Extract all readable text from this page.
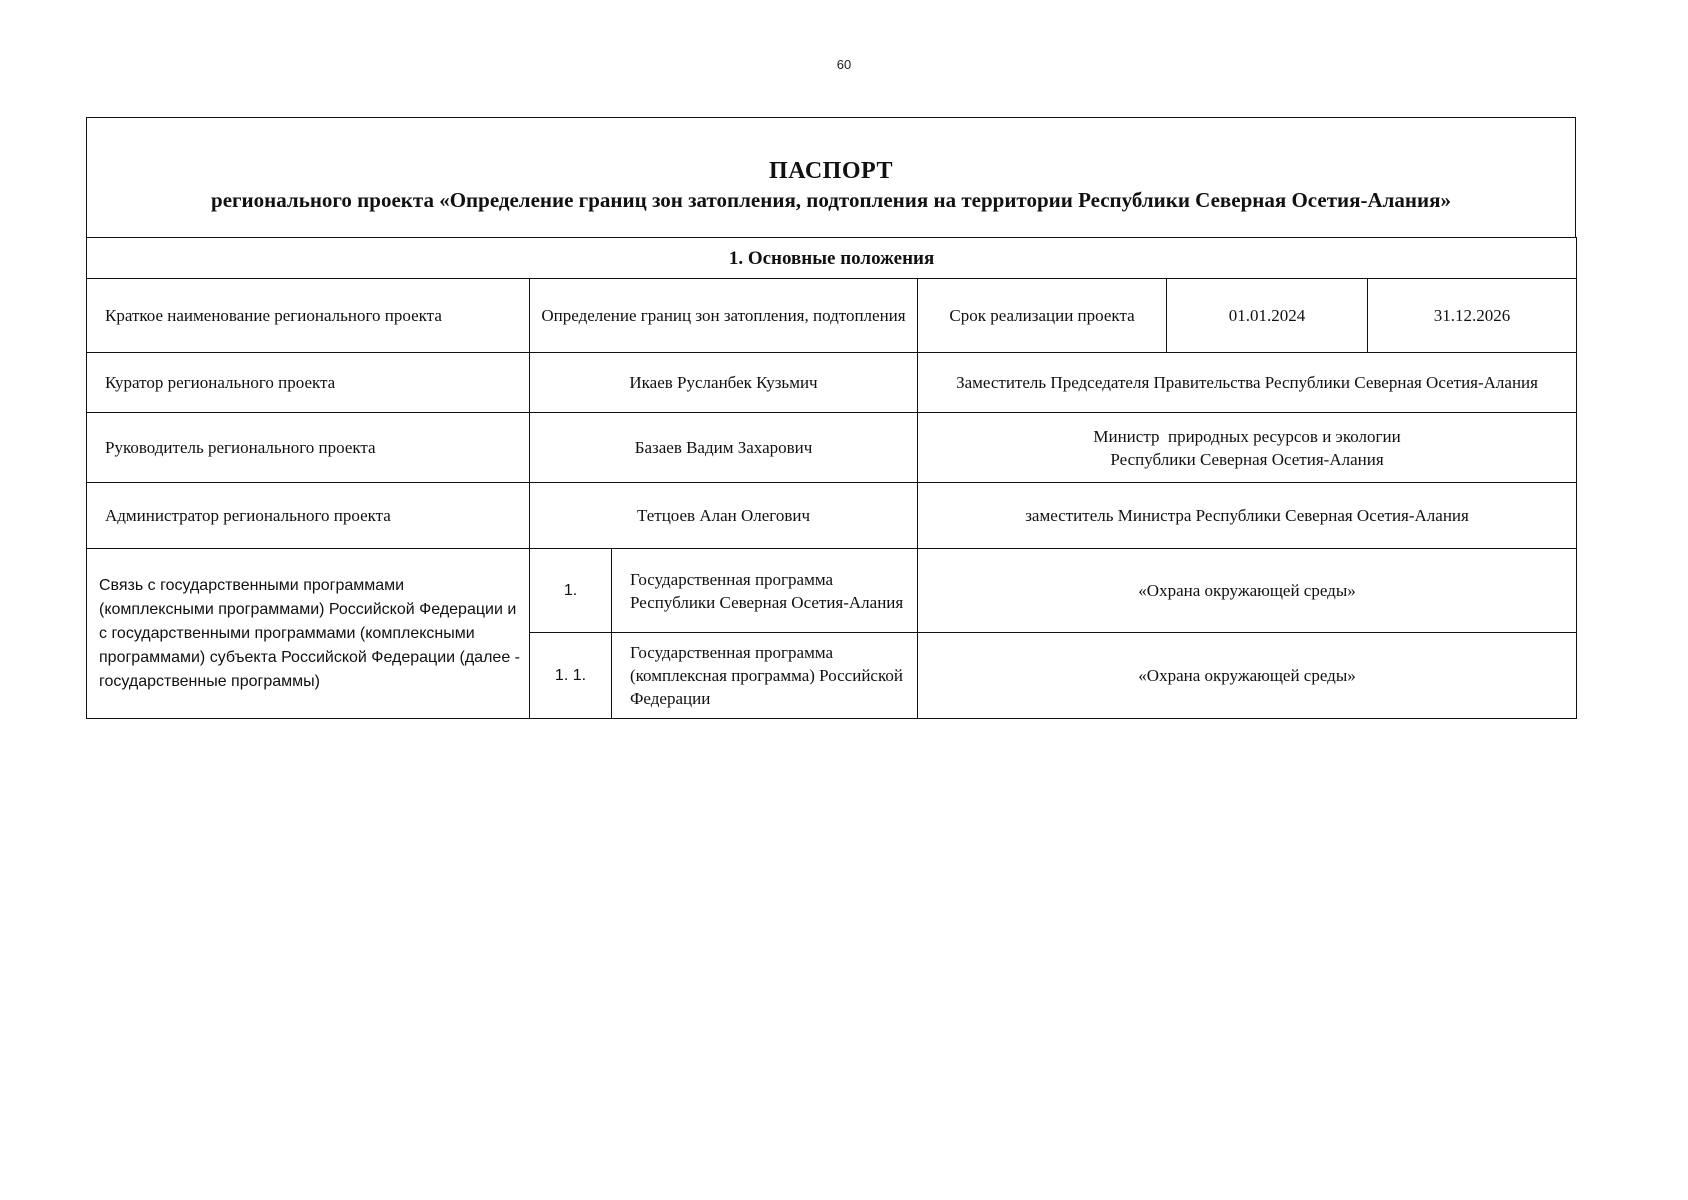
60
ПАСПОРТ
регионального проекта «Определение границ зон затопления, подтопления на территории Республики Северная Осетия-Алания»
1. Основные положения					
Краткое наименование регионального проекта	Определение границ зон затопления, подтопления		Срок реализации проекта	01.01.2024	31.12.2026
Куратор регионального проекта	Икаев Русланбек Кузьмич		Заместитель Председателя Правительства Республики Северная Осетия-Алания		
Руководитель регионального проекта	Базаев Вадим Захарович		Министр  природных ресурсов и экологии
Республики Северная Осетия-Алания		

Администратор регионального проекта	Тетцоев Алан Олегович		заместитель Министра Республики Северная Осетия-Алания		
Связь с государственными программами (комплексными программами) Российской Федерации и с государственными программами (комплексными программами) субъекта Российской Федерации (далее - государственные программы)	1.	Государственная программа Республики Северная Осетия-Алания	«Охрана окружающей среды»		
	1. 1.	Государственная программа (комплексная программа) Российской Федерации	«Охрана окружающей среды»		
